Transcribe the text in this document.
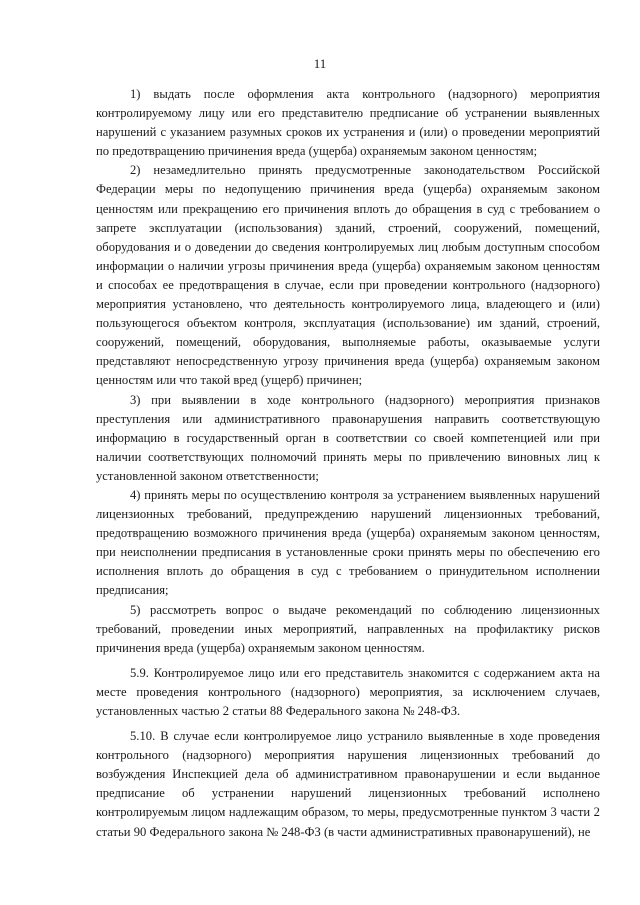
11

1) выдать после оформления акта контрольного (надзорного) мероприятия контролируемому лицу или его представителю предписание об устранении выявленных нарушений с указанием разумных сроков их устранения и (или) о проведении мероприятий по предотвращению причинения вреда (ущерба) охраняемым законом ценностям;

2) незамедлительно принять предусмотренные законодательством Российской Федерации меры по недопущению причинения вреда (ущерба) охраняемым законом ценностям или прекращению его причинения вплоть до обращения в суд с требованием о запрете эксплуатации (использования) зданий, строений, сооружений, помещений, оборудования и о доведении до сведения контролируемых лиц любым доступным способом информации о наличии угрозы причинения вреда (ущерба) охраняемым законом ценностям и способах ее предотвращения в случае, если при проведении контрольного (надзорного) мероприятия установлено, что деятельность контролируемого лица, владеющего и (или) пользующегося объектом контроля, эксплуатация (использование) им зданий, строений, сооружений, помещений, оборудования, выполняемые работы, оказываемые услуги представляют непосредственную угрозу причинения вреда (ущерба) охраняемым законом ценностям или что такой вред (ущерб) причинен;

3) при выявлении в ходе контрольного (надзорного) мероприятия признаков преступления или административного правонарушения направить соответствующую информацию в государственный орган в соответствии со своей компетенцией или при наличии соответствующих полномочий принять меры по привлечению виновных лиц к установленной законом ответственности;

4) принять меры по осуществлению контроля за устранением выявленных нарушений лицензионных требований, предупреждению нарушений лицензионных требований, предотвращению возможного причинения вреда (ущерба) охраняемым законом ценностям, при неисполнении предписания в установленные сроки принять меры по обеспечению его исполнения вплоть до обращения в суд с требованием о принудительном исполнении предписания;

5) рассмотреть вопрос о выдаче рекомендаций по соблюдению лицензионных требований, проведении иных мероприятий, направленных на профилактику рисков причинения вреда (ущерба) охраняемым законом ценностям.

5.9. Контролируемое лицо или его представитель знакомится с содержанием акта на месте проведения контрольного (надзорного) мероприятия, за исключением случаев, установленных частью 2 статьи 88 Федерального закона № 248-ФЗ.

5.10. В случае если контролируемое лицо устранило выявленные в ходе проведения контрольного (надзорного) мероприятия нарушения лицензионных требований до возбуждения Инспекцией дела об административном правонарушении и если выданное предписание об устранении нарушений лицензионных требований исполнено контролируемым лицом надлежащим образом, то меры, предусмотренные пунктом 3 части 2 статьи 90 Федерального закона № 248-ФЗ (в части административных правонарушений), не
